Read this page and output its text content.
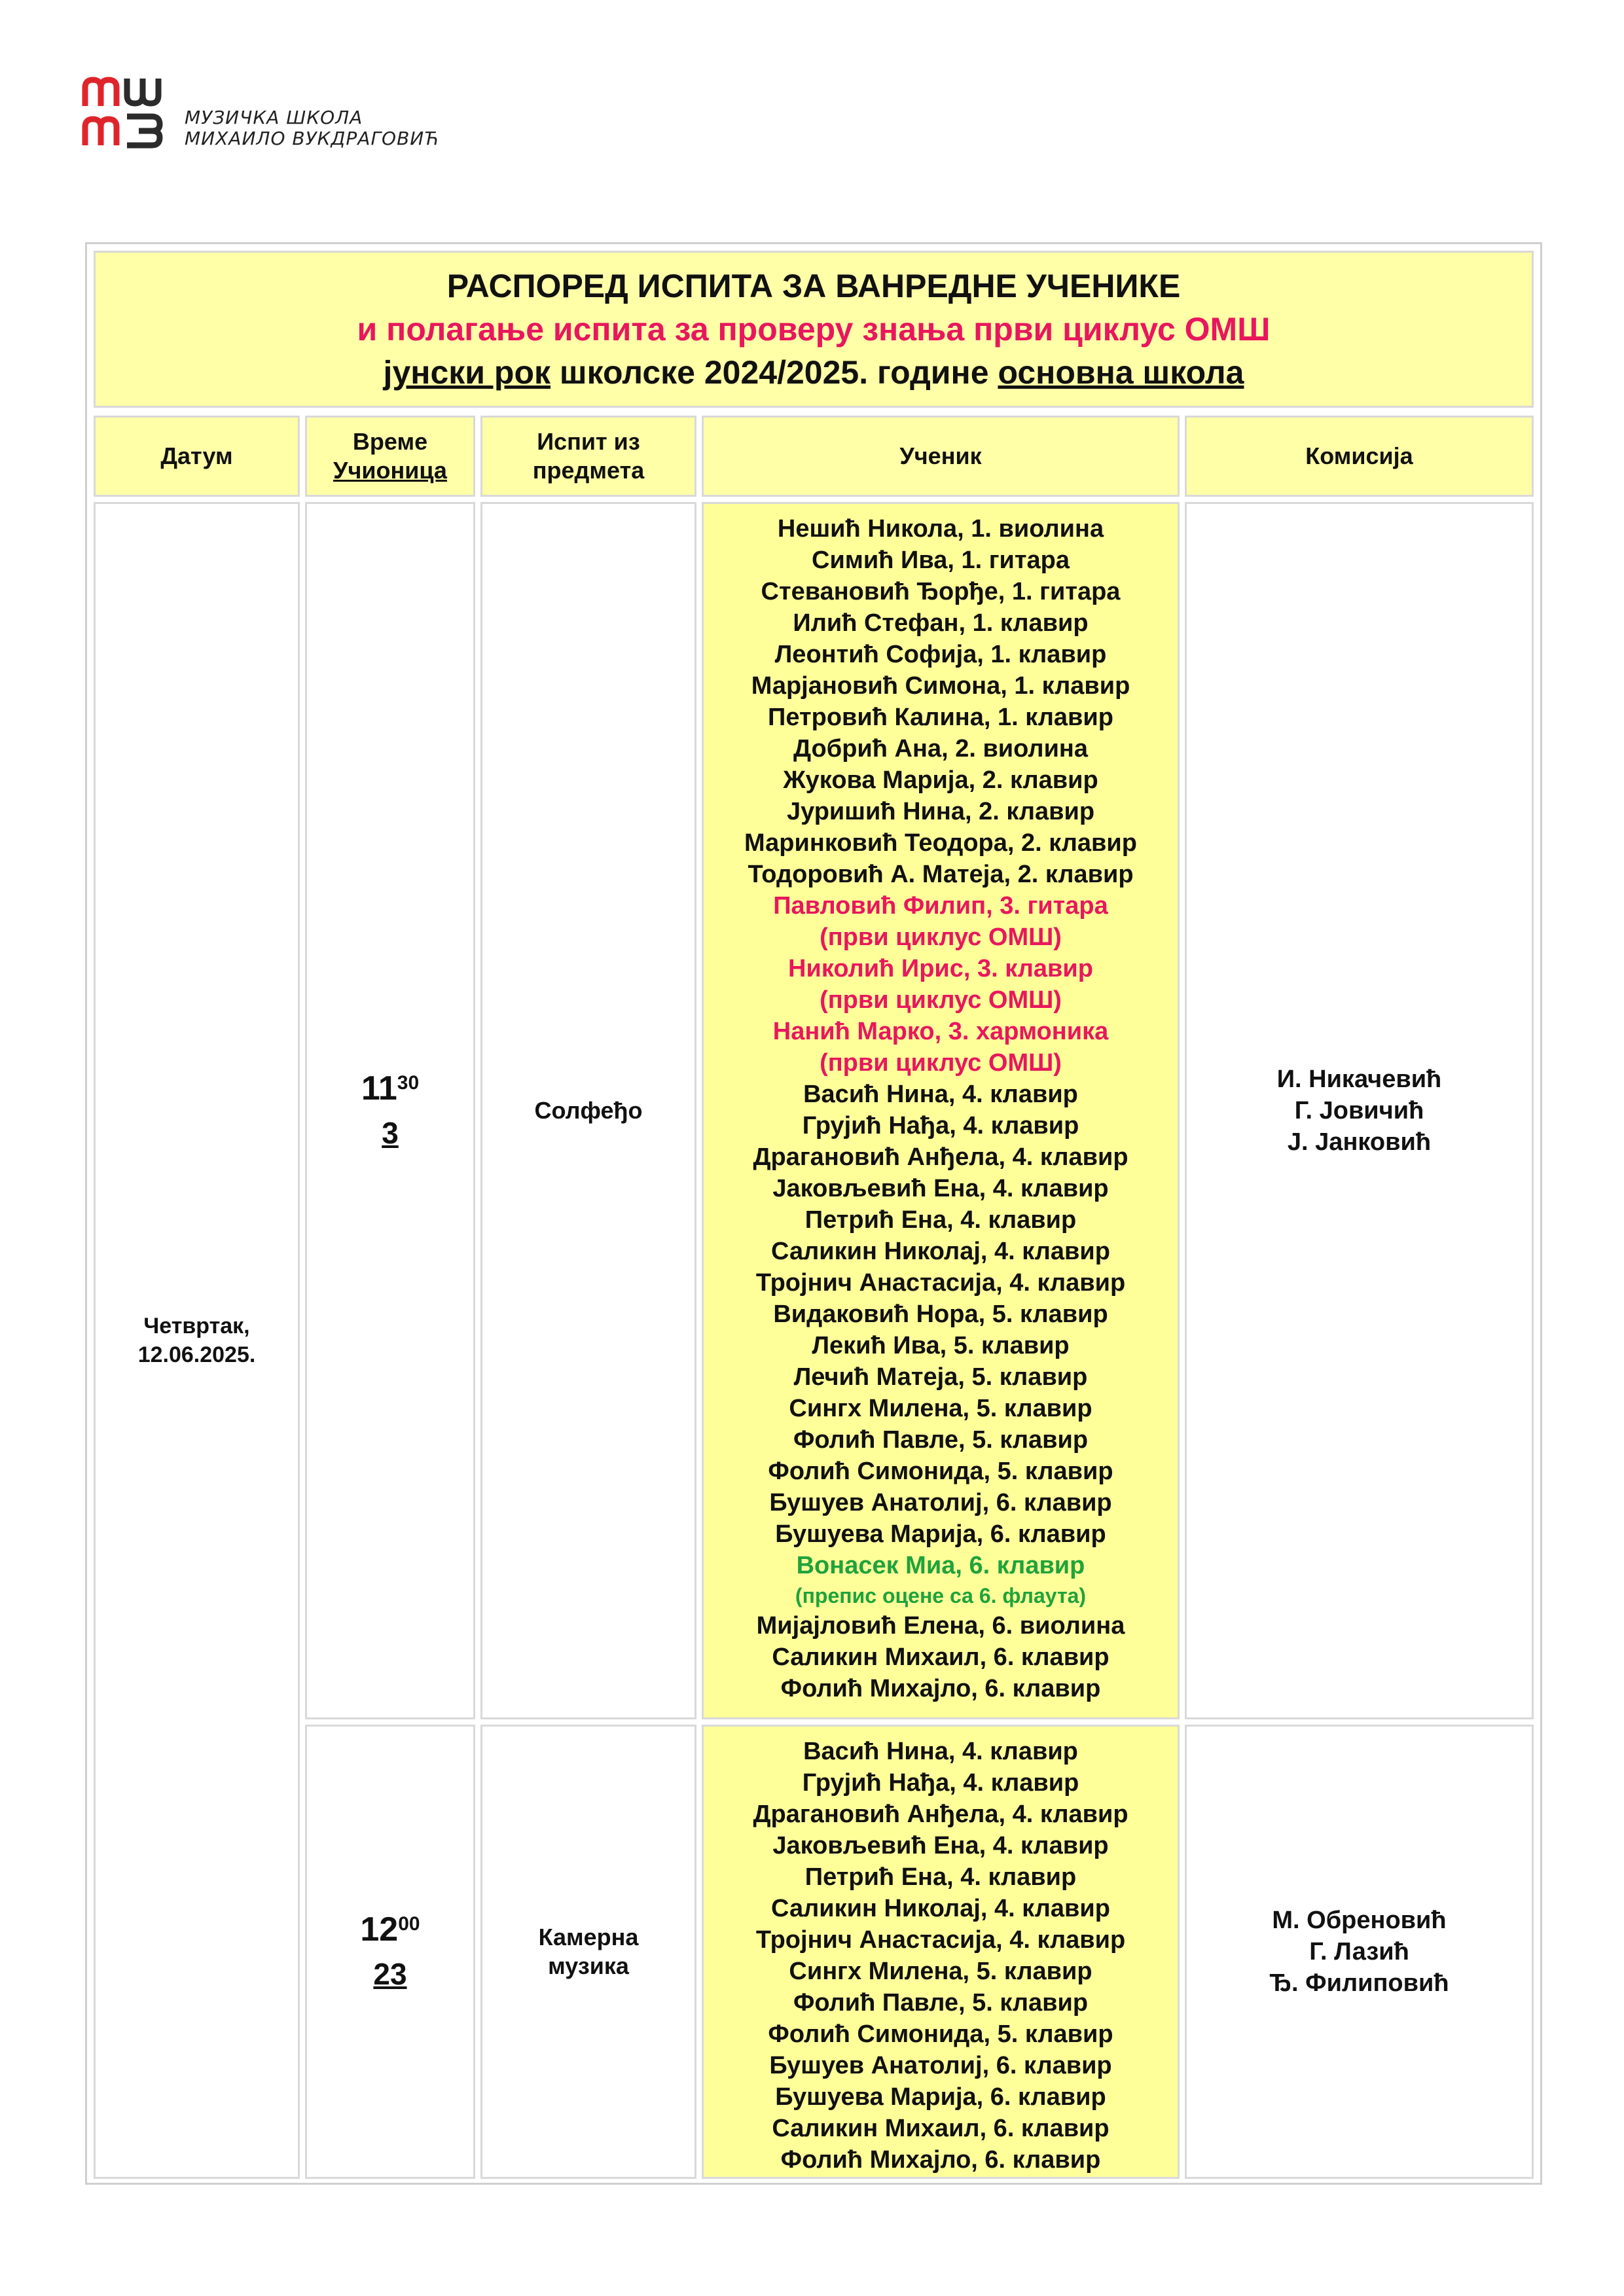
МУЗИЧКА ШКОЛА
МИХАИЛО ВУКДРАГОВИЋ
РАСПОРЕД ИСПИТА ЗА ВАНРЕДНЕ УЧЕНИКЕ
и полагање испита за проверу знања први циклус ОМШ
јунски рок школске 2024/2025. године основна школа
Датум
Време
Учионица
Испит из
предмета
Ученик	Комисија
Четвртак,
12.06.2025.
$11^{30}$
3
Солфеђо
Нешић Никола, 1. виолина
Симић Ива, 1. гитара
Стевановић Ђорђе, 1. гитара
Илић Стефан, 1. клавир
Леонтић Софија, 1. клавир
Марјановић Симона, 1. клавир
Петровић Калина, 1. клавир
Добрић Ана, 2. виолина
Жукова Марија, 2. клавир
Јуришић Нина, 2. клавир
Маринковић Теодора, 2. клавир
Тодоровић А. Матеја, 2. клавир
Павловић Филип, 3. гитара
(први циклус ОМШ)
Николић Ирис, 3. клавир
(први циклус ОМШ)
Нанић Марко, 3. хармоника
(први циклус ОМШ)
Васић Нина, 4. клавир
Грујић Нађа, 4. клавир
Драгановић Анђела, 4. клавир
Јаковљевић Ена, 4. клавир
Петрић Ена, 4. клавир
Саликин Николај, 4. клавир
Тројнич Анастасија, 4. клавир
Видаковић Нора, 5. клавир
Лекић Ива, 5. клавир
Лечић Матеја, 5. клавир
Сингх Милена, 5. клавир
Фолић Павле, 5. клавир
Фолић Симонида, 5. клавир
Бушуев Анатолиј, 6. клавир
Бушуева Марија, 6. клавир
Вонасек Миа, 6. клавир
(препис оцене са 6. флаута)
Мијајловић Елена, 6. виолина
Саликин Михаил, 6. клавир
Фолић Михајло, 6. клавир
И. Никачевић
Г. Јовичић
Ј. Јанковић
$12^{00}$
23
Камерна
музика
Васић Нина, 4. клавир
Грујић Нађа, 4. клавир
Драгановић Анђела, 4. клавир
Јаковљевић Ена, 4. клавир
Петрић Ена, 4. клавир
Саликин Николај, 4. клавир
Тројнич Анастасија, 4. клавир
Сингх Милена, 5. клавир
Фолић Павле, 5. клавир
Фолић Симонида, 5. клавир
Бушуев Анатолиј, 6. клавир
Бушуева Марија, 6. клавир
Саликин Михаил, 6. клавир
Фолић Михајло, 6. клавир
М. Обреновић
Г. Лазић
Ђ. Филиповић
